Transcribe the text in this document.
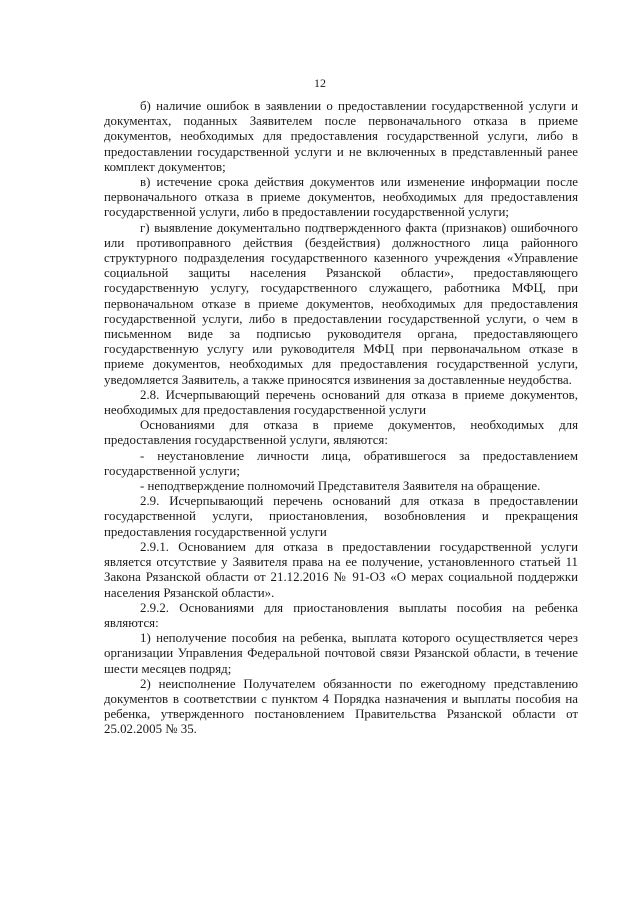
12

б) наличие ошибок в заявлении о предоставлении государственной услуги и документах, поданных Заявителем после первоначального отказа в приеме документов, необходимых для предоставления государственной услуги, либо в предоставлении государственной услуги и не включенных в представленный ранее комплект документов;

в) истечение срока действия документов или изменение информации после первоначального отказа в приеме документов, необходимых для предоставления государственной услуги, либо в предоставлении государственной услуги;

г) выявление документально подтвержденного факта (признаков) ошибочного или противоправного действия (бездействия) должностного лица районного структурного подразделения государственного казенного учреждения «Управление социальной защиты населения Рязанской области», предоставляющего государственную услугу, государственного служащего, работника МФЦ, при первоначальном отказе в приеме документов, необходимых для предоставления государственной услуги, либо в предоставлении государственной услуги, о чем в письменном виде за подписью руководителя органа, предоставляющего государственную услугу или руководителя МФЦ при первоначальном отказе в приеме документов, необходимых для предоставления государственной услуги, уведомляется Заявитель, а также приносятся извинения за доставленные неудобства.

2.8. Исчерпывающий перечень оснований для отказа в приеме документов, необходимых для предоставления государственной услуги

Основаниями для отказа в приеме документов, необходимых для предоставления государственной услуги, являются:

- неустановление личности лица, обратившегося за предоставлением государственной услуги;

- неподтверждение полномочий Представителя Заявителя на обращение.

2.9. Исчерпывающий перечень оснований для отказа в предоставлении государственной услуги, приостановления, возобновления и прекращения предоставления государственной услуги

2.9.1. Основанием для отказа в предоставлении государственной услуги является отсутствие у Заявителя права на ее получение, установленного статьей 11 Закона Рязанской области от 21.12.2016 № 91-ОЗ «О мерах социальной поддержки населения Рязанской области».

2.9.2. Основаниями для приостановления выплаты пособия на ребенка являются:

1) неполучение пособия на ребенка, выплата которого осуществляется через организации Управления Федеральной почтовой связи Рязанской области, в течение шести месяцев подряд;

2) неисполнение Получателем обязанности по ежегодному представлению документов в соответствии с пунктом 4 Порядка назначения и выплаты пособия на ребенка, утвержденного постановлением Правительства Рязанской области от 25.02.2005 № 35.
